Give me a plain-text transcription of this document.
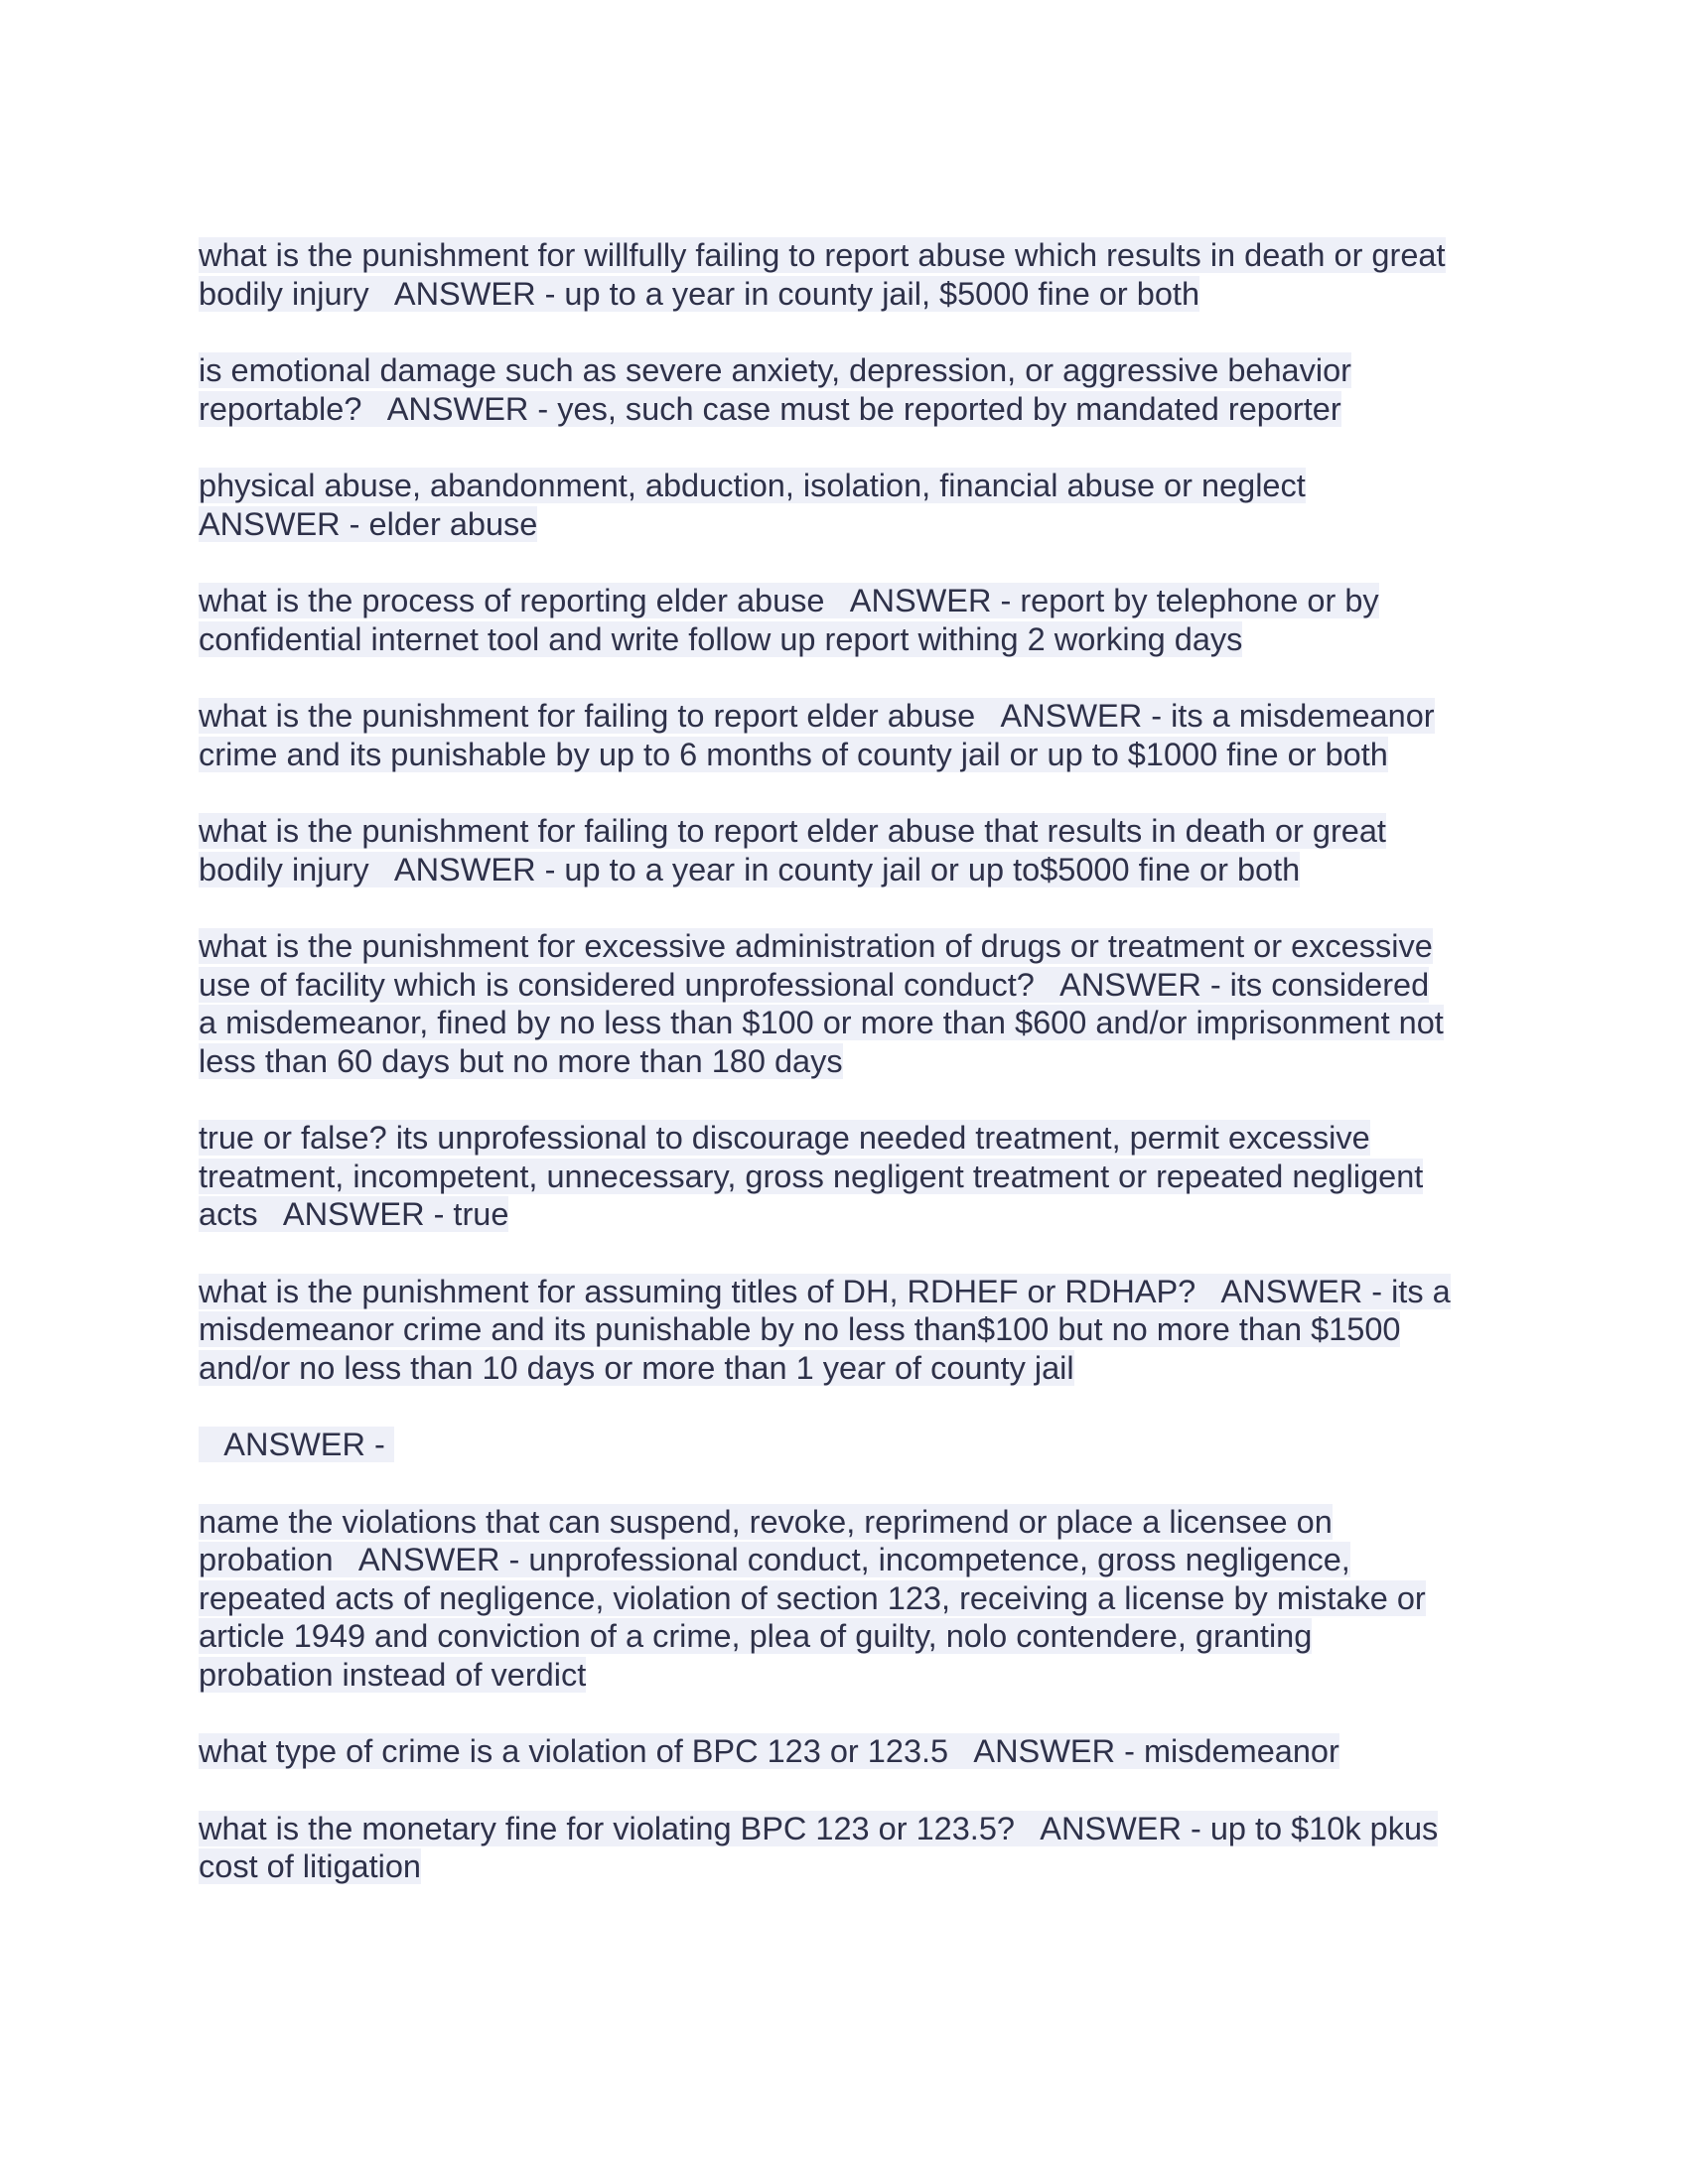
what is the punishment for willfully failing to report abuse which results in death or great
bodily injury   ANSWER - up to a year in county jail, $5000 fine or both
is emotional damage such as severe anxiety, depression, or aggressive behavior
reportable?   ANSWER - yes, such case must be reported by mandated reporter
physical abuse, abandonment, abduction, isolation, financial abuse or neglect
ANSWER - elder abuse
what is the process of reporting elder abuse   ANSWER - report by telephone or by
confidential internet tool and write follow up report withing 2 working days
what is the punishment for failing to report elder abuse   ANSWER - its a misdemeanor
crime and its punishable by up to 6 months of county jail or up to $1000 fine or both
what is the punishment for failing to report elder abuse that results in death or great
bodily injury   ANSWER - up to a year in county jail or up to$5000 fine or both
what is the punishment for excessive administration of drugs or treatment or excessive
use of facility which is considered unprofessional conduct?   ANSWER - its considered
a misdemeanor, fined by no less than $100 or more than $600 and/or imprisonment not
less than 60 days but no more than 180 days
true or false? its unprofessional to discourage needed treatment, permit excessive
treatment, incompetent, unnecessary, gross negligent treatment or repeated negligent
acts   ANSWER - true
what is the punishment for assuming titles of DH, RDHEF or RDHAP?   ANSWER - its a
misdemeanor crime and its punishable by no less than$100 but no more than $1500
and/or no less than 10 days or more than 1 year of county jail
ANSWER -
name the violations that can suspend, revoke, reprimend or place a licensee on
probation   ANSWER - unprofessional conduct, incompetence, gross negligence,
repeated acts of negligence, violation of section 123, receiving a license by mistake or
article 1949 and conviction of a crime, plea of guilty, nolo contendere, granting
probation instead of verdict
what type of crime is a violation of BPC 123 or 123.5   ANSWER - misdemeanor
what is the monetary fine for violating BPC 123 or 123.5?   ANSWER - up to $10k pkus
cost of litigation
